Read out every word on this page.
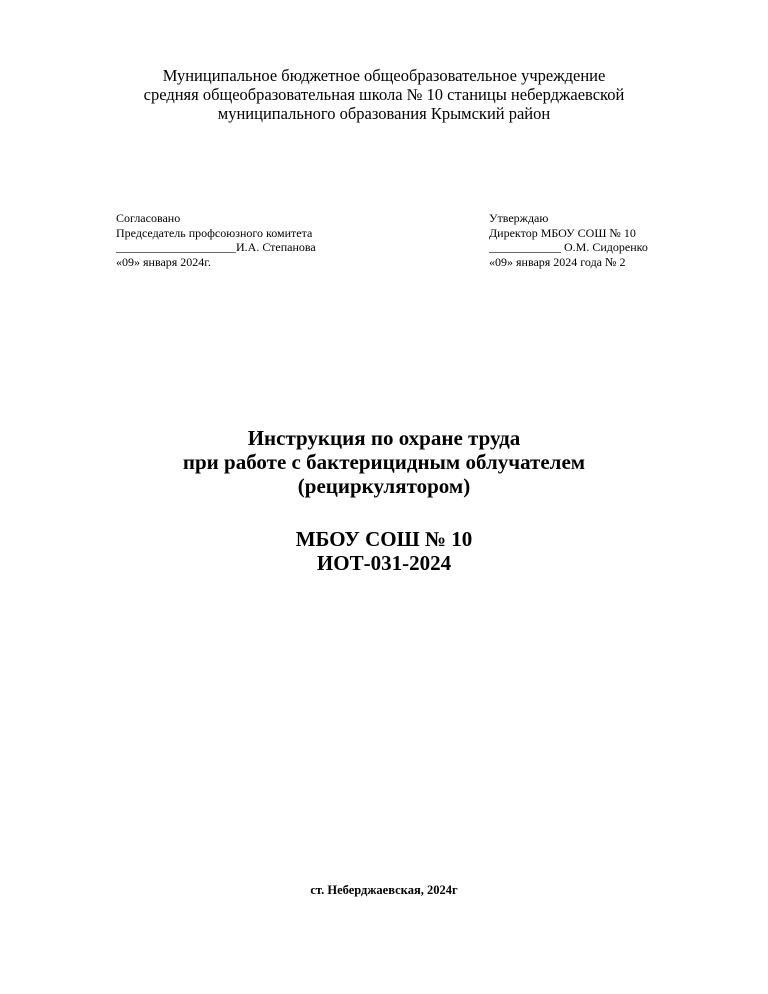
Муниципальное бюджетное общеобразовательное учреждение
средняя общеобразовательная школа № 10 станицы неберджаевской
муниципального образования Крымский район
Согласовано
Председатель профсоюзного комитета
____________________И.А. Степанова
«09» января 2024г.
Утверждаю
Директор МБОУ СОШ № 10
____________ О.М. Сидоренко
«09» января 2024 года № 2
Инструкция по охране труда
при работе с бактерицидным облучателем
(рециркулятором)
МБОУ СОШ № 10
ИОТ-031-2024
ст. Неберджаевская, 2024г
